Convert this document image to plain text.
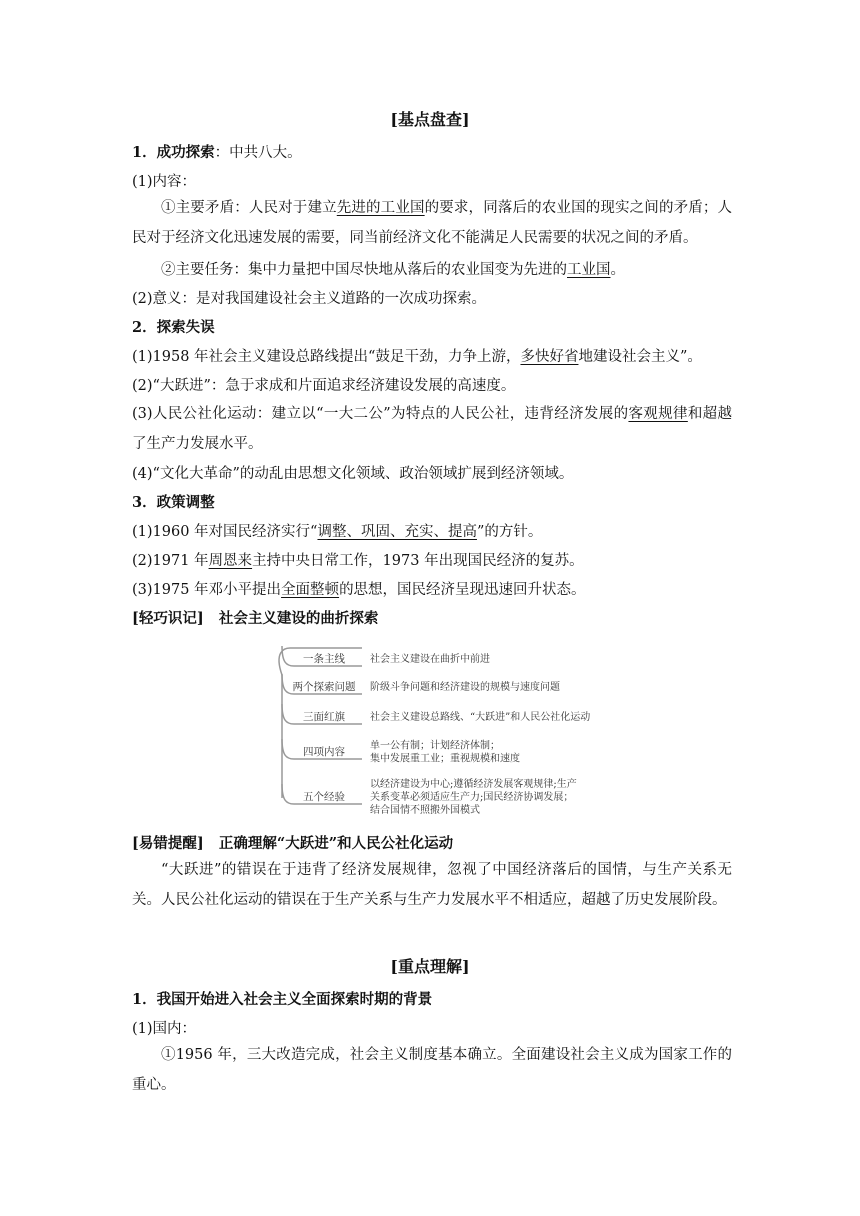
[基点盘查]
1．成功探索：中共八大。
(1)内容：
①主要矛盾：人民对于建立先进的工业国的要求，同落后的农业国的现实之间的矛盾；人民对于经济文化迅速发展的需要，同当前经济文化不能满足人民需要的状况之间的矛盾。
②主要任务：集中力量把中国尽快地从落后的农业国变为先进的工业国。
(2)意义：是对我国建设社会主义道路的一次成功探索。
2．探索失误
(1)1958 年社会主义建设总路线提出“鼓足干劲，力争上游，多快好省地建设社会主义”。
(2)“大跃进”：急于求成和片面追求经济建设发展的高速度。
(3)人民公社化运动：建立以“一大二公”为特点的人民公社，违背经济发展的客观规律和超越了生产力发展水平。
(4)“文化大革命”的动乱由思想文化领域、政治领域扩展到经济领域。
3．政策调整
(1)1960 年对国民经济实行“调整、巩固、充实、提高”的方针。
(2)1971 年周恩来主持中央日常工作，1973 年出现国民经济的复苏。
(3)1975 年邓小平提出全面整顿的思想，国民经济呈现迅速回升状态。
[轻巧识记] 社会主义建设的曲折探索
一条主线	社会主义建设在曲折中前进
两个探索问题 阶级斗争问题和经济建设的规模与速度问题
三面红旗	社会主义建设总路线、“大跃进”和人民公社化运动
四项内容	单一公有制；计划经济体制；
集中发展重工业；重视规模和速度
五个经验
以经济建设为中心;遵循经济发展客观规律;生产
关系变革必须适应生产力;国民经济协调发展；
结合国情不照搬外国模式
[易错提醒] 正确理解“大跃进”和人民公社化运动
“大跃进”的错误在于违背了经济发展规律，忽视了中国经济落后的国情，与生产关系无关。人民公社化运动的错误在于生产关系与生产力发展水平不相适应，超越了历史发展阶段。
[重点理解]
1．我国开始进入社会主义全面探索时期的背景
(1)国内：
①1956 年，三大改造完成，社会主义制度基本确立。全面建设社会主义成为国家工作的重心。
